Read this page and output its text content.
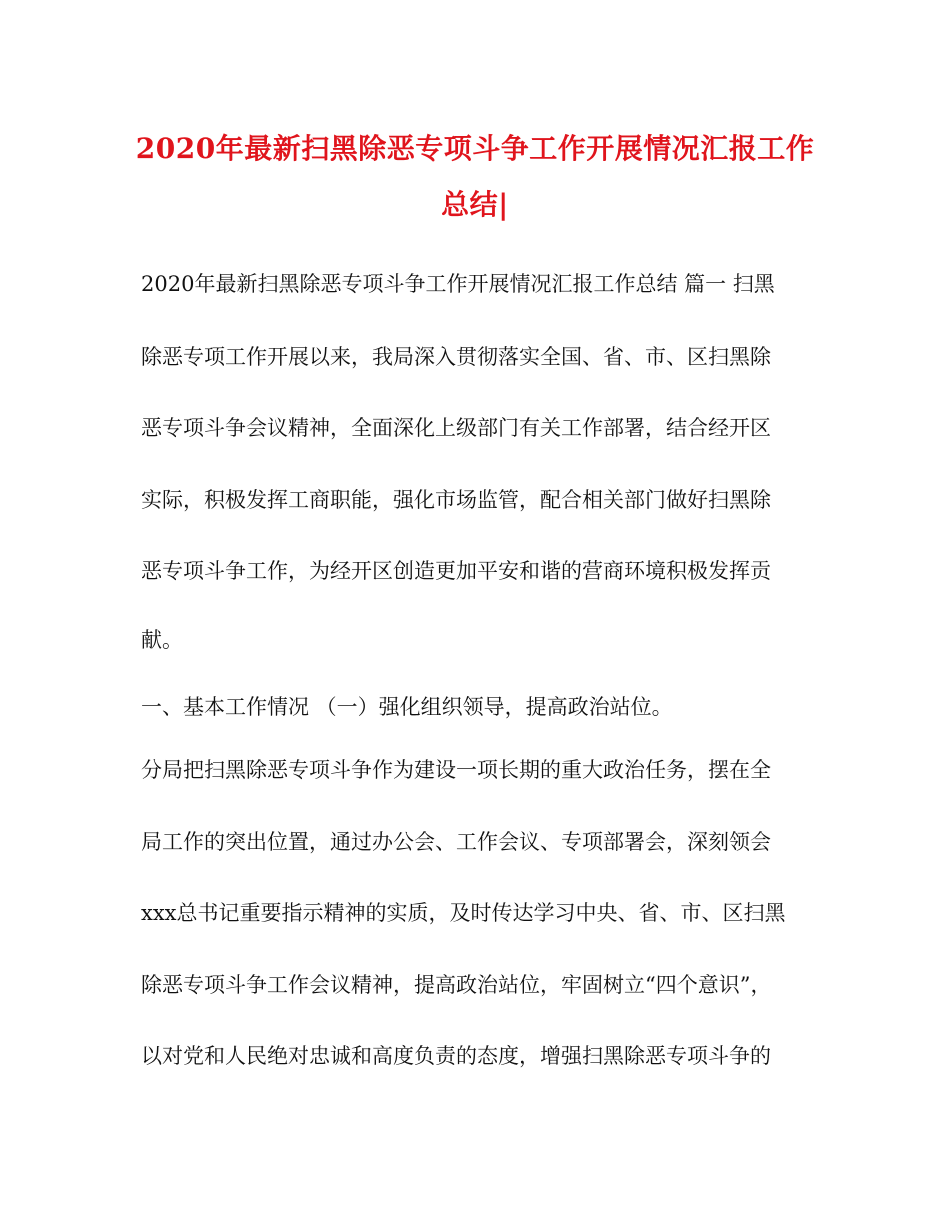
2020年最新扫黑除恶专项斗争工作开展情况汇报工作
总结|
2020年最新扫黑除恶专项斗争工作开展情况汇报工作总结 篇一 扫黑
除恶专项工作开展以来，我局深入贯彻落实全国、省、市、区扫黑除
恶专项斗争会议精神，全面深化上级部门有关工作部署，结合经开区
实际，积极发挥工商职能，强化市场监管，配合相关部门做好扫黑除
恶专项斗争工作，为经开区创造更加平安和谐的营商环境积极发挥贡
献。
一、基本工作情况 （一）强化组织领导，提高政治站位。
分局把扫黑除恶专项斗争作为建设一项长期的重大政治任务，摆在全
局工作的突出位置，通过办公会、工作会议、专项部署会，深刻领会
xxx总书记重要指示精神的实质，及时传达学习中央、省、市、区扫黑
除恶专项斗争工作会议精神，提高政治站位，牢固树立“四个意识”，
以对党和人民绝对忠诚和高度负责的态度，增强扫黑除恶专项斗争的
